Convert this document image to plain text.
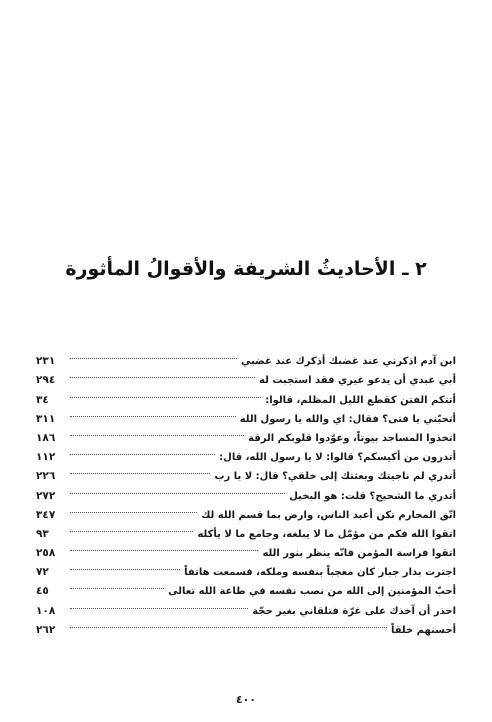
٢ ـ الأحاديثُ الشريفة والأقوالُ المأثورة
ابن آدم اذكرني عند غضبك أذكرك عند غضبي
٢٣١
أبي عبدي أن يدعو غيري فقد استجبت له
٢٩٤
أتتكم الفتن كقطع الليل المظلم، قالوا:
٣٤
أتحبّني يا فتى؟ فقال: اي والله يا رسول الله
٣١١
اتخذوا المساجد بيوتاً، وعوّدوا قلوبكم الرقة
١٨٦
أتدرون من أكيسكم؟ قالوا: لا يا رسول الله، قال:
١١٢
أتدري لم ناجيتك وبعثتك إلى خلقي؟ قال: لا يا رب
٢٢٦
أتدري ما الشحيح؟ قلت: هو البخيل
٢٧٢
اتّق المحارم تكن أعبد الناس، وارض بما قسم الله لك
٣٤٧
اتقوا الله فكم من مؤمّل ما لا يبلغه، وجامع ما لا يأكله
٩٣
اتقوا فراسة المؤمن فانّه ينظر بنور الله
٢٥٨
اجترت بدار جبار كان معجباً بنفسه وملكه، فسمعت هاتفاً
٧٢
أحبّ المؤمنين إلى الله من نصب نفسه في طاعة الله تعالى
٤٥
احذر أن آخذك على غرّة فتلقاني بغير حجّة
١٠٨
أحسنهم خلقاً
٢٦٢
٤٠٠
